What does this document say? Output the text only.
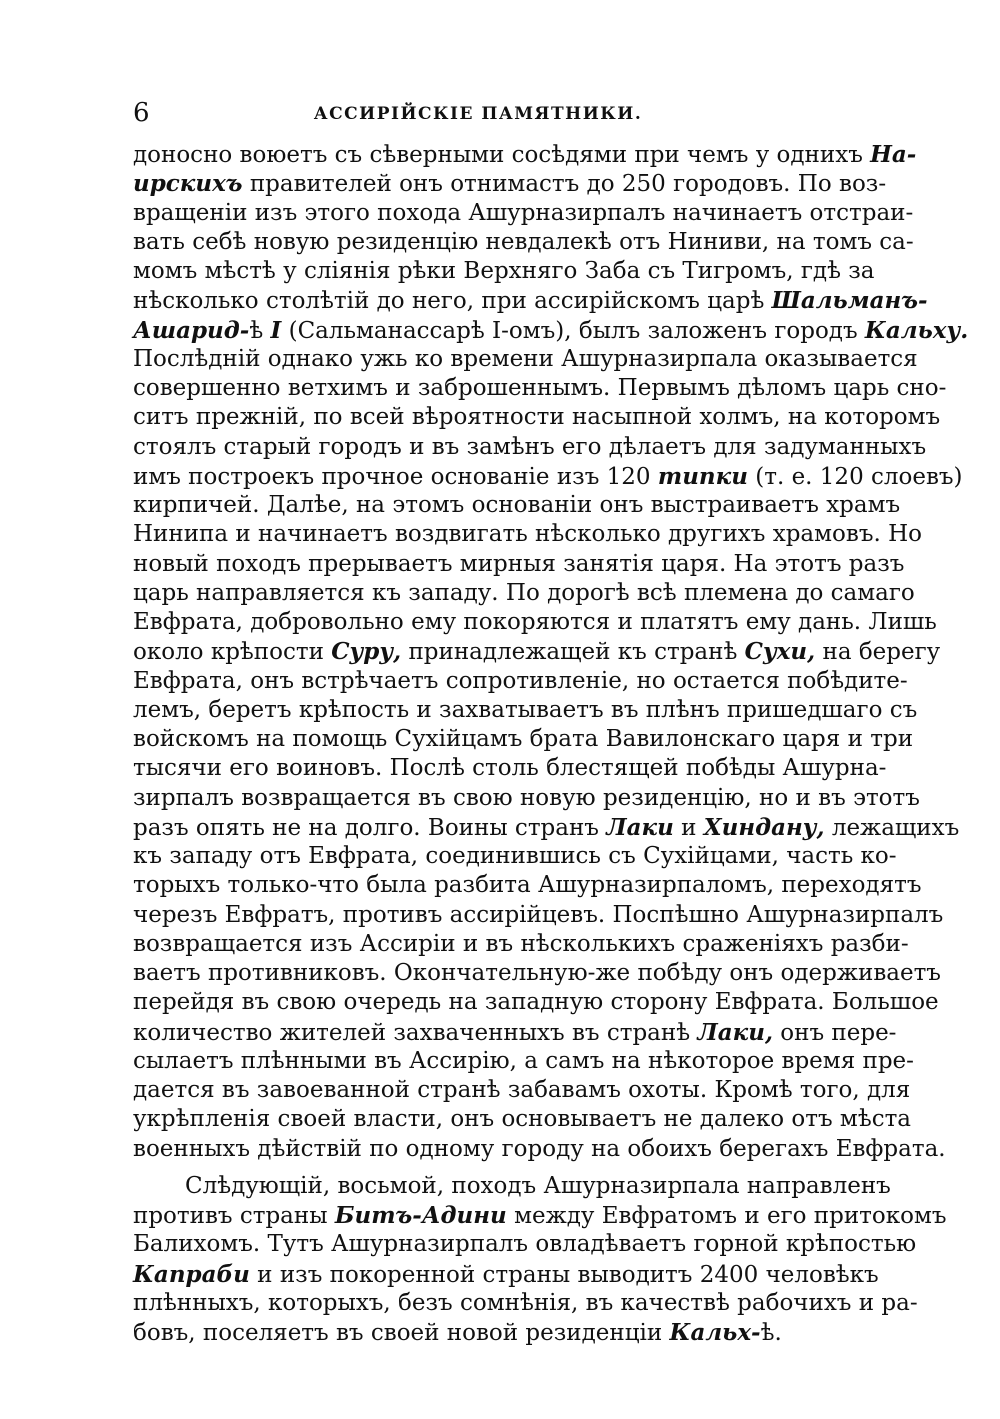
6	АССИРІЙСКІЕ ПАМЯТНИКИ.
доносно воюетъ съ сѣверными сосѣдями при чемъ у однихъ На-
ирскихъ правителей онъ отнимастъ до 250 городовъ. По воз-
вращеніи изъ этого похода Ашурназирпалъ начинаетъ отстраи-
вать себѣ новую резиденцію невдалекѣ отъ Ниниви, на томъ са-
момъ мѣстѣ у сліянія рѣки Верхняго Заба съ Тигромъ, гдѣ за
нѣсколько столѣтій до него, при ассирійскомъ царѣ Шальманъ-
Ашарид-ѣ I (Сальманассарѣ I-омъ), былъ заложенъ городъ Кальху.
Послѣдній однако ужь ко времени Ашурназирпала оказывается
совершенно ветхимъ и заброшеннымъ. Первымъ дѣломъ царь сно-
ситъ прежній, по всей вѣроятности насыпной холмъ, на которомъ
стоялъ старый городъ и въ замѣнъ его дѣлаетъ для задуманныхъ
имъ построекъ прочное основаніе изъ 120 типки (т. е. 120 слоевъ)
кирпичей. Далѣе, на этомъ основаніи онъ выстраиваетъ храмъ
Нинипа и начинаетъ воздвигать нѣсколько другихъ храмовъ. Но
новый походъ прерываетъ мирныя занятія царя. На этотъ разъ
царь направляется къ западу. По дорогѣ всѣ племена до самаго
Евфрата, добровольно ему покоряются и платятъ ему дань. Лишь
около крѣпости Суру, принадлежащей къ странѣ Сухи, на берегу
Евфрата, онъ встрѣчаетъ сопротивленіе, но остается побѣдите-
лемъ, беретъ крѣпость и захватываетъ въ плѣнъ пришедшаго съ
войскомъ на помощь Сухійцамъ брата Вавилонскаго царя и три
тысячи его воиновъ. Послѣ столь блестящей побѣды Ашурна-
зирпалъ возвращается въ свою новую резиденцію, но и въ этотъ
разъ опять не на долго. Воины странъ Лаки и Хиндану, лежащихъ
къ западу отъ Евфрата, соединившись съ Сухійцами, часть ко-
торыхъ только-что была разбита Ашурназирпаломъ, переходятъ
черезъ Евфратъ, противъ ассирійцевъ. Поспѣшно Ашурназирпалъ
возвращается изъ Ассиріи и въ нѣсколькихъ сраженіяхъ разби-
ваетъ противниковъ. Окончательную-же побѣду онъ одерживаетъ
перейдя въ свою очередь на западную сторону Евфрата. Большое
количество жителей захваченныхъ въ странѣ Лаки, онъ пере-
сылаетъ плѣнными въ Ассирію, а самъ на нѣкоторое время пре-
дается въ завоеванной странѣ забавамъ охоты. Кромѣ того, для
укрѣпленія своей власти, онъ основываетъ не далеко отъ мѣста
военныхъ дѣйствій по одному городу на обоихъ берегахъ Евфрата.
Слѣдующій, восьмой, походъ Ашурназирпала направленъ
противъ страны Битъ-Адини между Евфратомъ и его притокомъ
Балихомъ. Тутъ Ашурназирпалъ овладѣваетъ горной крѣпостью
Капраби и изъ покоренной страны выводитъ 2400 человѣкъ
плѣнныхъ, которыхъ, безъ сомнѣнія, въ качествѣ рабочихъ и ра-
бовъ, поселяетъ въ своей новой резиденціи Кальх-ѣ.
